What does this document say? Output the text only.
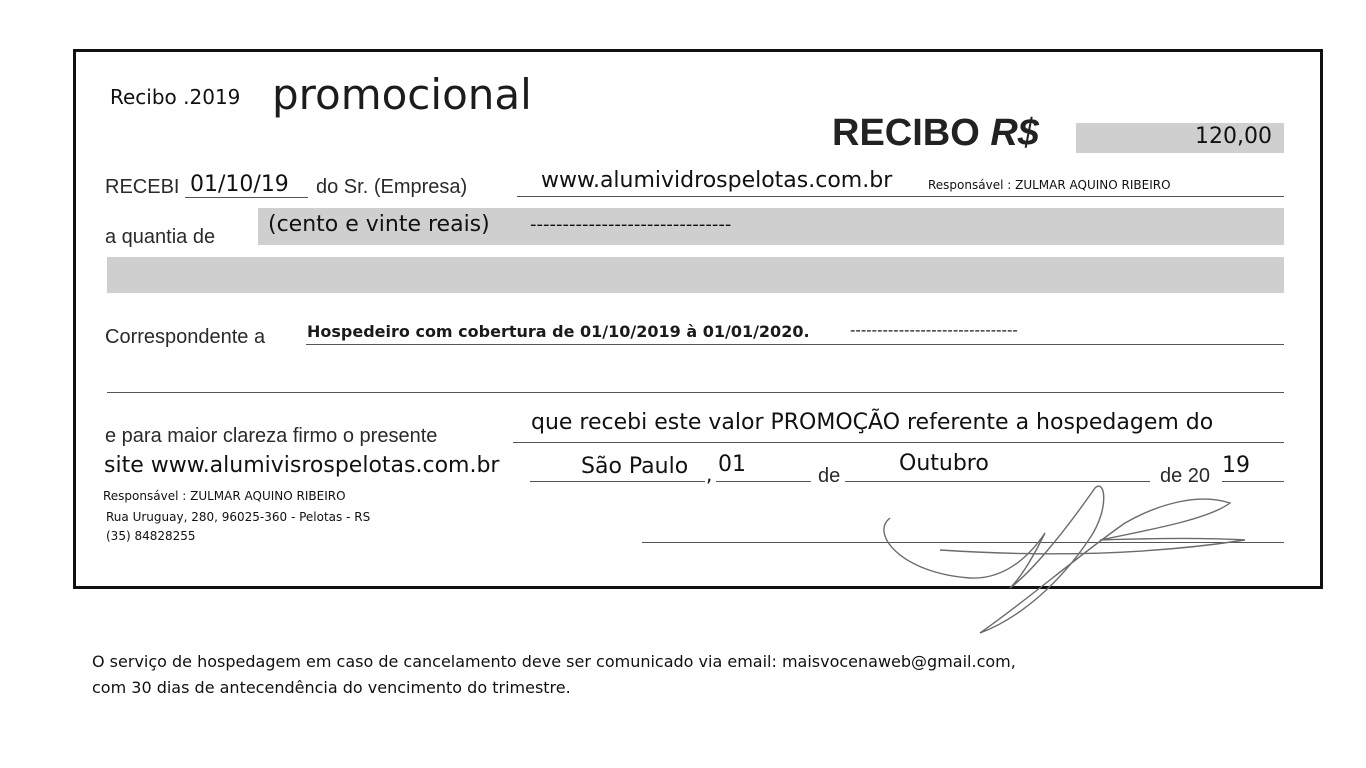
Recibo .2019 promocional
RECIBO R$	120,00
RECEBI 01/10/19 do Sr. (Empresa)	www.alumividrospelotas.com.br	Responsável : ZULMAR AQUINO RIBEIRO
a quantia de (cento e vinte reais) -------------------------------
Correspondente a	Hospedeiro com cobertura de 01/10/2019 à 01/01/2020.	-------------------------------
e para maior clareza firmo o presente
que recebi este valor PROMOÇÃO referente a hospedagem do
site www.alumivisrospelotas.com.br	São Paulo , 01	de	Outubro	de 20 19
Responsável : ZULMAR AQUINO RIBEIRO
Rua Uruguay, 280, 96025-360 - Pelotas - RS
(35) 84828255
O serviço de hospedagem em caso de cancelamento deve ser comunicado via email: maisvocenaweb@gmail.com,
com 30 dias de antecendência do vencimento do trimestre.
